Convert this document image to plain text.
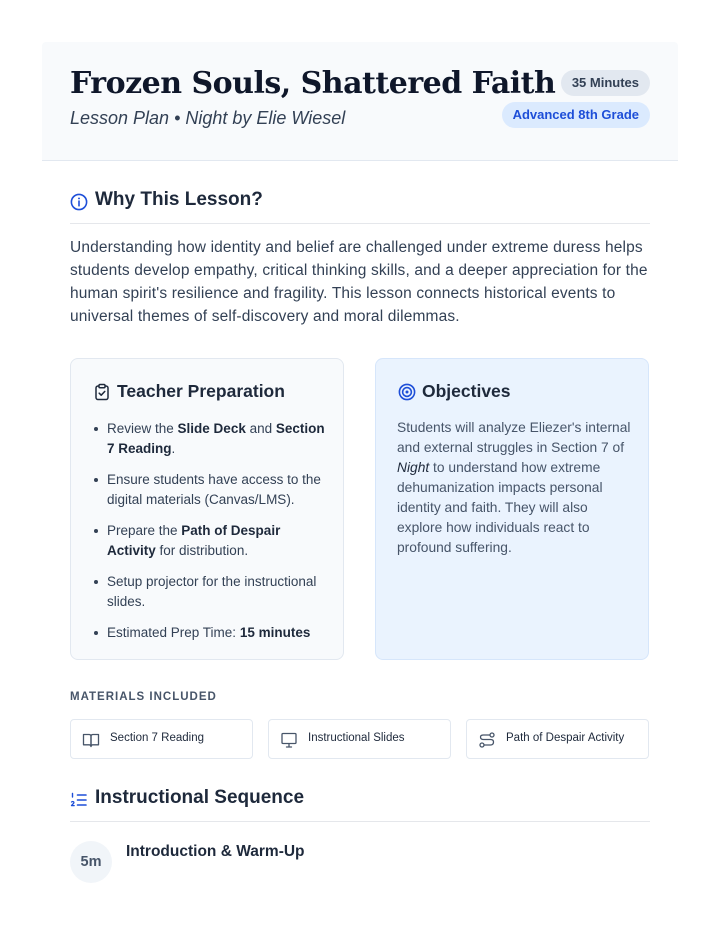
Frozen Souls, Shattered Faith
Lesson Plan • Night by Elie Wiesel
35 Minutes
Advanced 8th Grade
Why This Lesson?

Understanding how identity and belief are challenged under extreme duress helps students develop empathy, critical thinking skills, and a deeper appreciation for the human spirit's resilience and fragility. This lesson connects historical events to universal themes of self-discovery and moral dilemmas.

Teacher Preparation
Review the Slide Deck and Section 7 Reading.
Ensure students have access to the digital materials (Canvas/LMS).
Prepare the Path of Despair Activity for distribution.
Setup projector for the instructional slides.
Estimated Prep Time: 15 minutes
Objectives

Students will analyze Eliezer's internal and external struggles in Section 7 of Night to understand how extreme dehumanization impacts personal identity and faith. They will also explore how individuals react to profound suffering.

MATERIALS INCLUDED
Section 7 Reading	Instructional Slides	Path of Despair Activity
Instructional Sequence
5m
Introduction & Warm-Up
